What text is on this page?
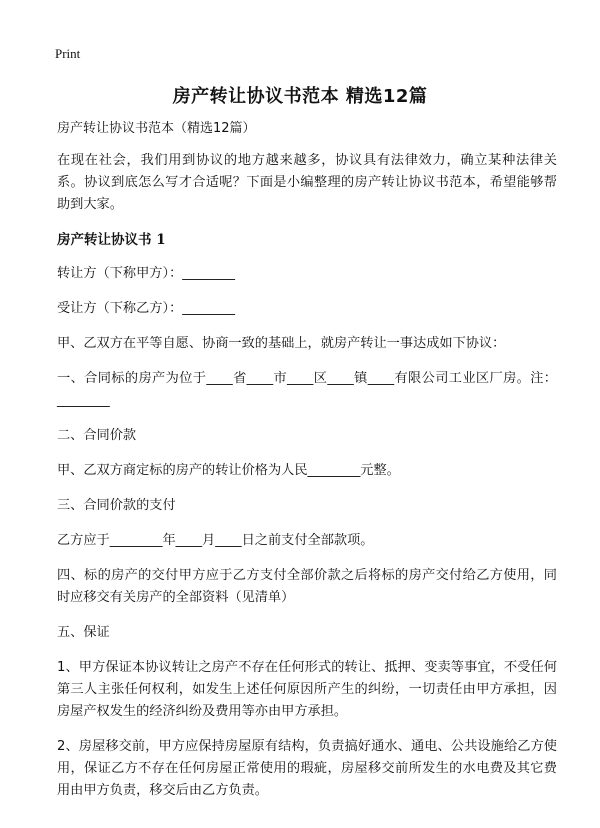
Print
房产转让协议书范本 精选12篇

房产转让协议书范本（精选12篇）

在现在社会，我们用到协议的地方越来越多，协议具有法律效力，确立某种法律关系。协议到底怎么写才合适呢？下面是小编整理的房产转让协议书范本，希望能够帮助到大家。

房产转让协议书 1

转让方（下称甲方）：________

受让方（下称乙方）：________

甲、乙双方在平等自愿、协商一致的基础上，就房产转让一事达成如下协议：

一、合同标的房产为位于____省____市____区____镇____有限公司工业区厂房。注：________

二、合同价款

甲、乙双方商定标的房产的转让价格为人民________元整。

三、合同价款的支付

乙方应于________年____月____日之前支付全部款项。

四、标的房产的交付甲方应于乙方支付全部价款之后将标的房产交付给乙方使用，同时应移交有关房产的全部资料（见清单）

五、保证

1、甲方保证本协议转让之房产不存在任何形式的转让、抵押、变卖等事宜，不受任何第三人主张任何权利，如发生上述任何原因所产生的纠纷，一切责任由甲方承担，因房屋产权发生的经济纠纷及费用等亦由甲方承担。

2、房屋移交前，甲方应保持房屋原有结构，负责搞好通水、通电、公共设施给乙方使用，保证乙方不存在任何房屋正常使用的瑕疵，房屋移交前所发生的水电费及其它费用由甲方负责，移交后由乙方负责。
